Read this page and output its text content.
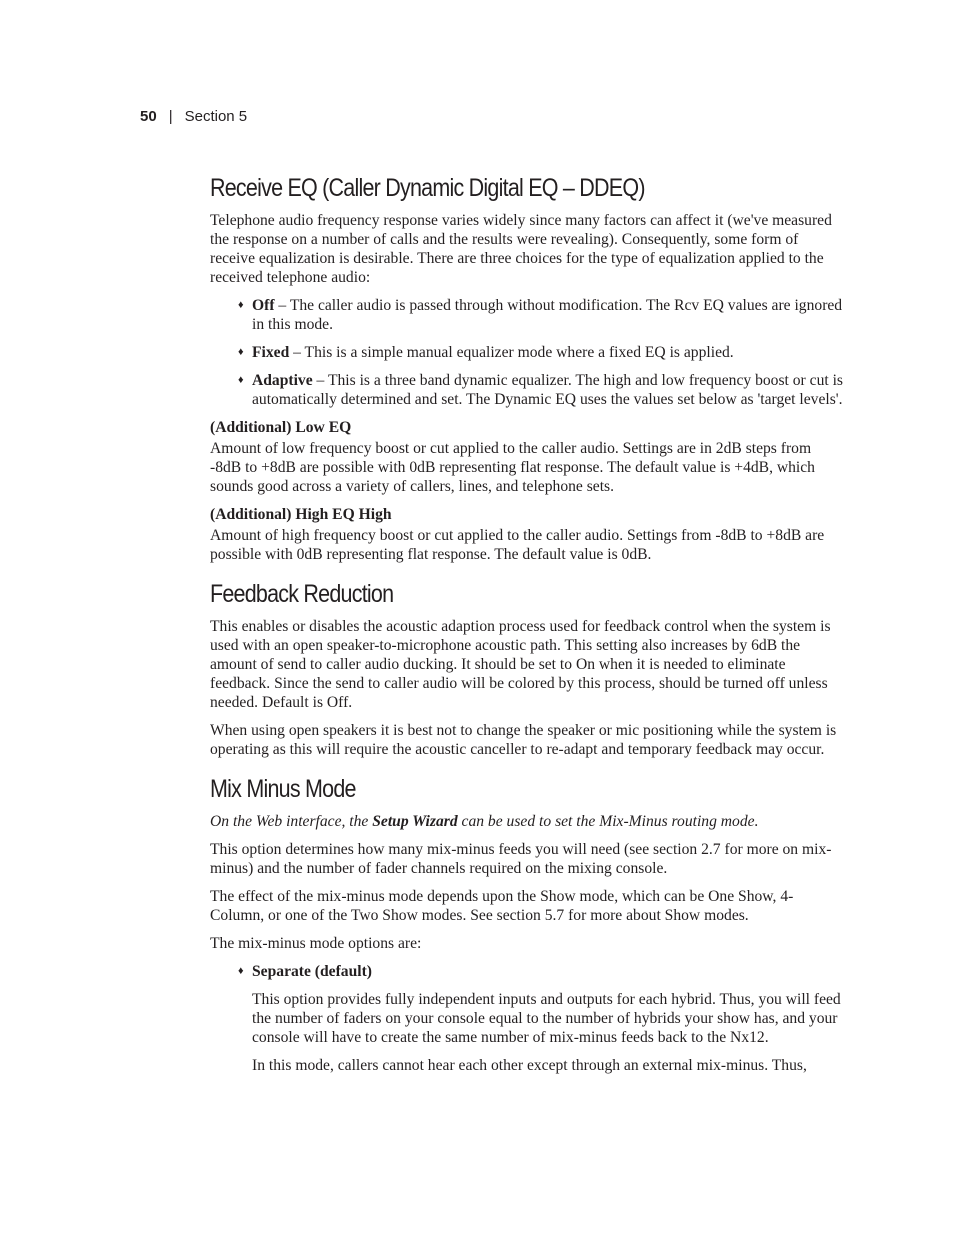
50 | Section 5
Receive EQ (Caller Dynamic Digital EQ – DDEQ)

Telephone audio frequency response varies widely since many factors can affect it (we've measured the response on a number of calls and the results were revealing). Consequently, some form of receive equalization is desirable. There are three choices for the type of equalization applied to the received telephone audio:

♦ Off – The caller audio is passed through without modification. The Rcv EQ values are ignored in this mode.
♦ Fixed – This is a simple manual equalizer mode where a fixed EQ is applied.
♦ Adaptive – This is a three band dynamic equalizer. The high and low frequency boost or cut is automatically determined and set. The Dynamic EQ uses the values set below as 'target levels'.

(Additional) Low EQ

Amount of low frequency boost or cut applied to the caller audio. Settings are in 2dB steps from -8dB to +8dB are possible with 0dB representing flat response. The default value is +4dB, which sounds good across a variety of callers, lines, and telephone sets.

(Additional) High EQ High

Amount of high frequency boost or cut applied to the caller audio. Settings from -8dB to +8dB are possible with 0dB representing flat response. The default value is 0dB.

Feedback Reduction

This enables or disables the acoustic adaption process used for feedback control when the system is used with an open speaker-to-microphone acoustic path. This setting also increases by 6dB the amount of send to caller audio ducking. It should be set to On when it is needed to eliminate feedback. Since the send to caller audio will be colored by this process, should be turned off unless needed. Default is Off.

When using open speakers it is best not to change the speaker or mic positioning while the system is operating as this will require the acoustic canceller to re-adapt and temporary feedback may occur.

Mix Minus Mode

On the Web interface, the Setup Wizard can be used to set the Mix-Minus routing mode.

This option determines how many mix-minus feeds you will need (see section 2.7 for more on mix-minus) and the number of fader channels required on the mixing console.

The effect of the mix-minus mode depends upon the Show mode, which can be One Show, 4-Column, or one of the Two Show modes. See section 5.7 for more about Show modes.

The mix-minus mode options are:

♦ Separate (default)

This option provides fully independent inputs and outputs for each hybrid. Thus, you will feed the number of faders on your console equal to the number of hybrids your show has, and your console will have to create the same number of mix-minus feeds back to the Nx12.

In this mode, callers cannot hear each other except through an external mix-minus. Thus,
